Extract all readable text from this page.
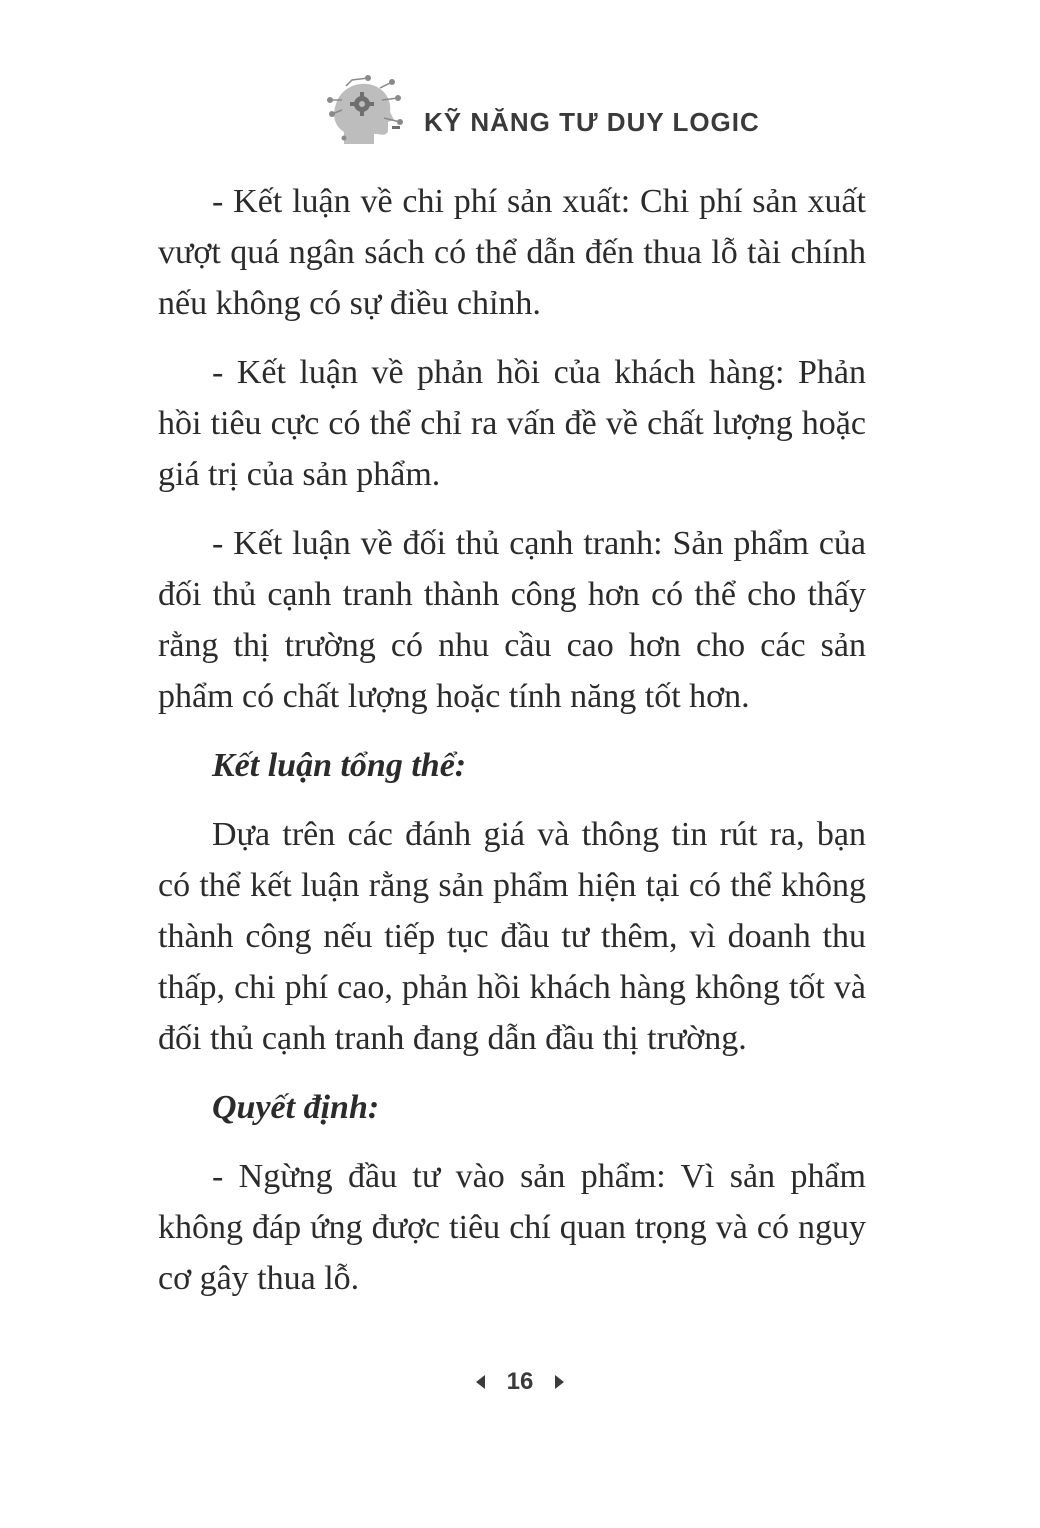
KỸ NĂNG TƯ DUY LOGIC

- Kết luận về chi phí sản xuất: Chi phí sản xuất vượt quá ngân sách có thể dẫn đến thua lỗ tài chính nếu không có sự điều chỉnh.

- Kết luận về phản hồi của khách hàng: Phản hồi tiêu cực có thể chỉ ra vấn đề về chất lượng hoặc giá trị của sản phẩm.

- Kết luận về đối thủ cạnh tranh: Sản phẩm của đối thủ cạnh tranh thành công hơn có thể cho thấy rằng thị trường có nhu cầu cao hơn cho các sản phẩm có chất lượng hoặc tính năng tốt hơn.

Kết luận tổng thể:

Dựa trên các đánh giá và thông tin rút ra, bạn có thể kết luận rằng sản phẩm hiện tại có thể không thành công nếu tiếp tục đầu tư thêm, vì doanh thu thấp, chi phí cao, phản hồi khách hàng không tốt và đối thủ cạnh tranh đang dẫn đầu thị trường.

Quyết định:

- Ngừng đầu tư vào sản phẩm: Vì sản phẩm không đáp ứng được tiêu chí quan trọng và có nguy cơ gây thua lỗ.

16
